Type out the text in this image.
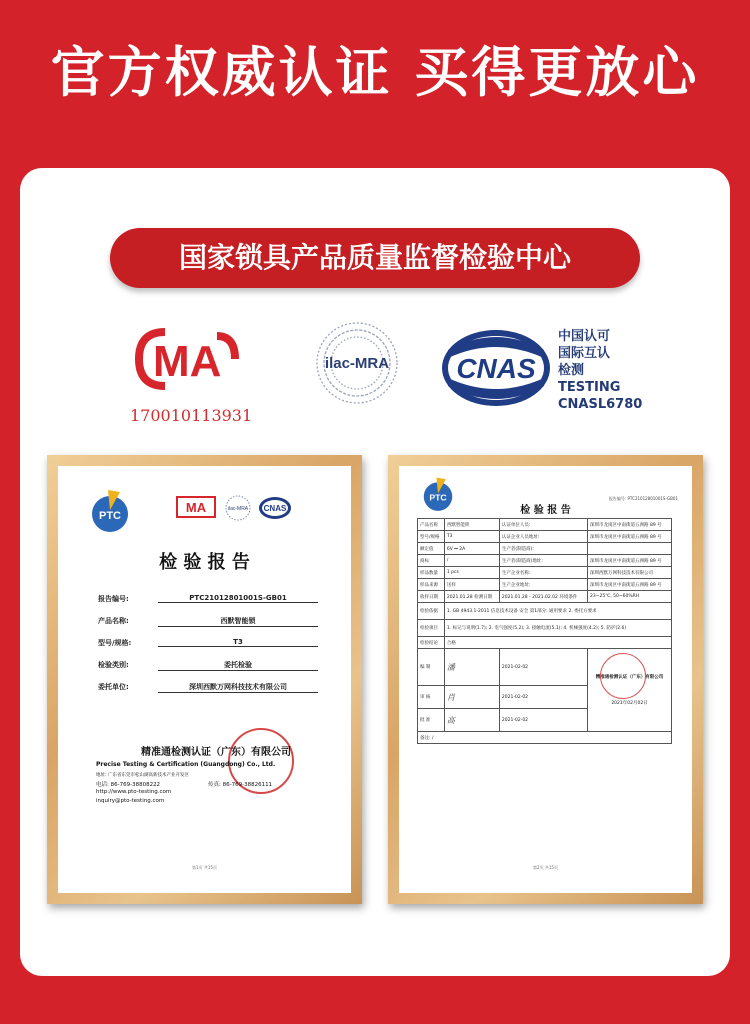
官方权威认证 买得更放心
国家锁具产品质量监督检验中心
MA
170010113931
ilac-MRA CNAS
中国认可
国际互认
检测
TESTING
CNASL6780
PTC
MA	ilac-MRA CNAS
检 验 报 告
报告编号:	PTC21012801001S-GB01
产品名称:	西默智能锁
型号/规格:	T3
检验类别:	委托检验
委托单位:	深圳西默万网科技技术有限公司
精准通检测认证（广东）有限公司
Precise Testing & Certification (Guangdong) Co., Ltd.
地址: 广东省东莞市松山湖高新技术产业开发区
电话: 86-769-38808222	传真: 86-769-38826111
http://www.pto-testing.com
inquiry@pto-testing.com
第1页 共15页
PTC	报告编号: PTC21012801001S-GB01
检 验 报 告
产品名称	西默智能锁	认证单位人员:	深圳市龙岗区中南街道五洲路 89 号
型号/规格	T3	认证企业人员地址:	深圳市龙岗区中南街道五洲路 89 号
额定值	6V ⎓ 2A	生产者(制造商):	
商标	/	生产者(制造商)地址:	深圳市龙岗区中南街道五洲路 89 号
样品数量	1 pcs	生产企业名称:	深圳西默万网科技技术有限公司
样品来源	送样	生产企业地址:	深圳市龙岗区中南街道五洲路 89 号
收样日期	2021.01.28 检测日期	2021.01.28 - 2021.02.02 环境条件	23~25℃, 50~60%RH
检验依据	1. GB 4943.1-2011 信息技术设备 安全 第1部分: 通用要求 2. 委托方要求		
检验项目	1. 标记与说明(1.7); 2. 电气强度(5.2); 3. 接触电流(5.1); 4. 机械强度(4.2); 5. 防护(2.6)		
检验结论	合格		
编 制	潘	2021-02-02	精准通检测认证（广东）有限公司
2021年02月02日

审 核	肖	2021-02-02	
批 准	高	2021-02-02	
备注: /			
第2页 共15页
